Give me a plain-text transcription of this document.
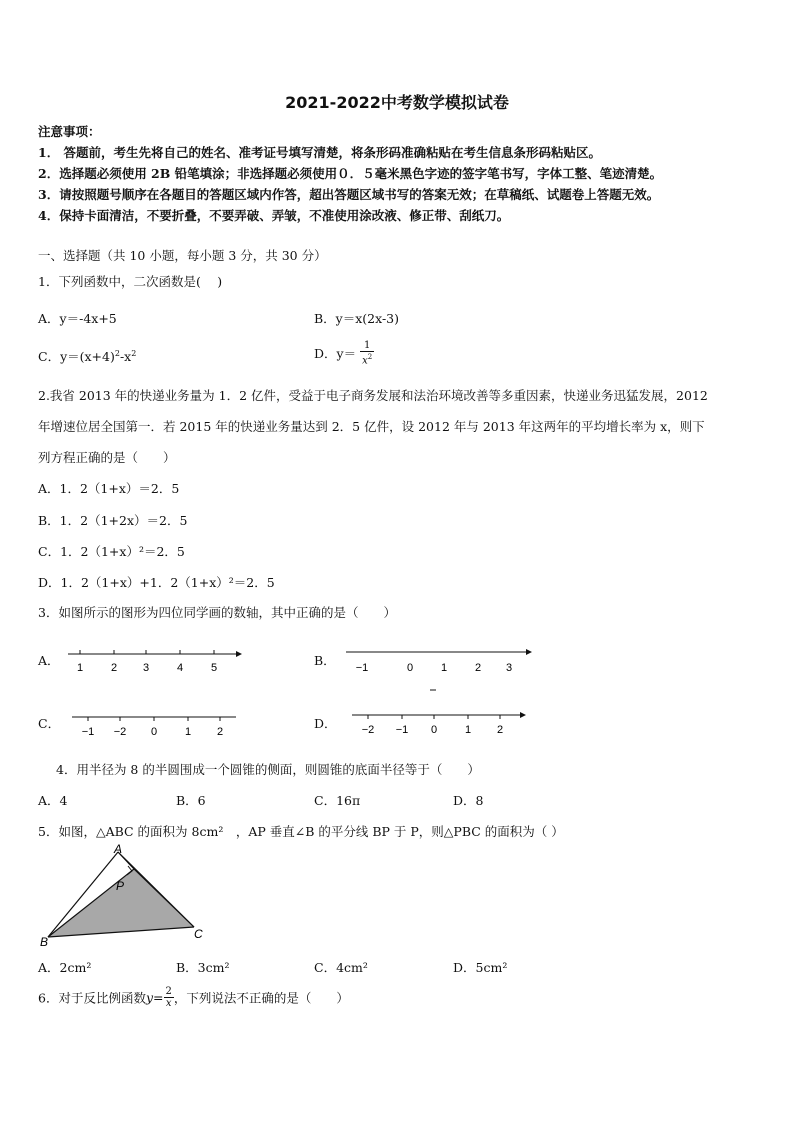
2021-2022中考数学模拟试卷
注意事项：
1． 答题前，考生先将自己的姓名、准考证号填写清楚，将条形码准确粘贴在考生信息条形码粘贴区。
2．选择题必须使用 2B 铅笔填涂；非选择题必须使用０．５毫米黑色字迹的签字笔书写，字体工整、笔迹清楚。
3．请按照题号顺序在各题目的答题区域内作答，超出答题区域书写的答案无效；在草稿纸、试题卷上答题无效。
4．保持卡面清洁，不要折叠，不要弄破、弄皱，不准使用涂改液、修正带、刮纸刀。
一、选择题（共 10 小题，每小题 3 分，共 30 分）
1．下列函数中，二次函数是(　 )
A．y＝-4x+5	B．y＝x(2x-3)
C．$y=(x+4)^2-x^2$	D．$y= \frac{1}{x^2}$
2.我省 2013 年的快递业务量为 1．2 亿件，受益于电子商务发展和法治环境改善等多重因素，快递业务迅猛发展，2012
年增速位居全国第一．若 2015 年的快递业务量达到 2．5 亿件，设 2012 年与 2013 年这两年的平均增长率为 x，则下
列方程正确的是（　　）
A．1．2（1+x）＝2．5
B．1．2（1+2x）＝2．5
C．1．2（1+x）²＝2．5
D．1．2（1+x）+1．2（1+x）²＝2．5
3．如图所示的图形为四位同学画的数轴，其中正确的是（　　）
A． 1	2 3	4	5	B． −1	0	1	2 3
C．
−1 −2 0	1 2
D． −2 −1 0	1 2
4．用半径为 8 的半圆围成一个圆锥的侧面，则圆锥的底面半径等于（　　）
A．4	B．6	C．16π	D．8
5．如图，△ABC 的面积为 8cm²　，AP 垂直∠B 的平分线 BP 于 P，则△PBC 的面积为（ ）
A
B
C
P
A．2cm²	B．3cm²	C．4cm²	D．5cm²
6．对于反比例函数$y= \frac{2}{x}$ ，下列说法不正确的是（　　）
